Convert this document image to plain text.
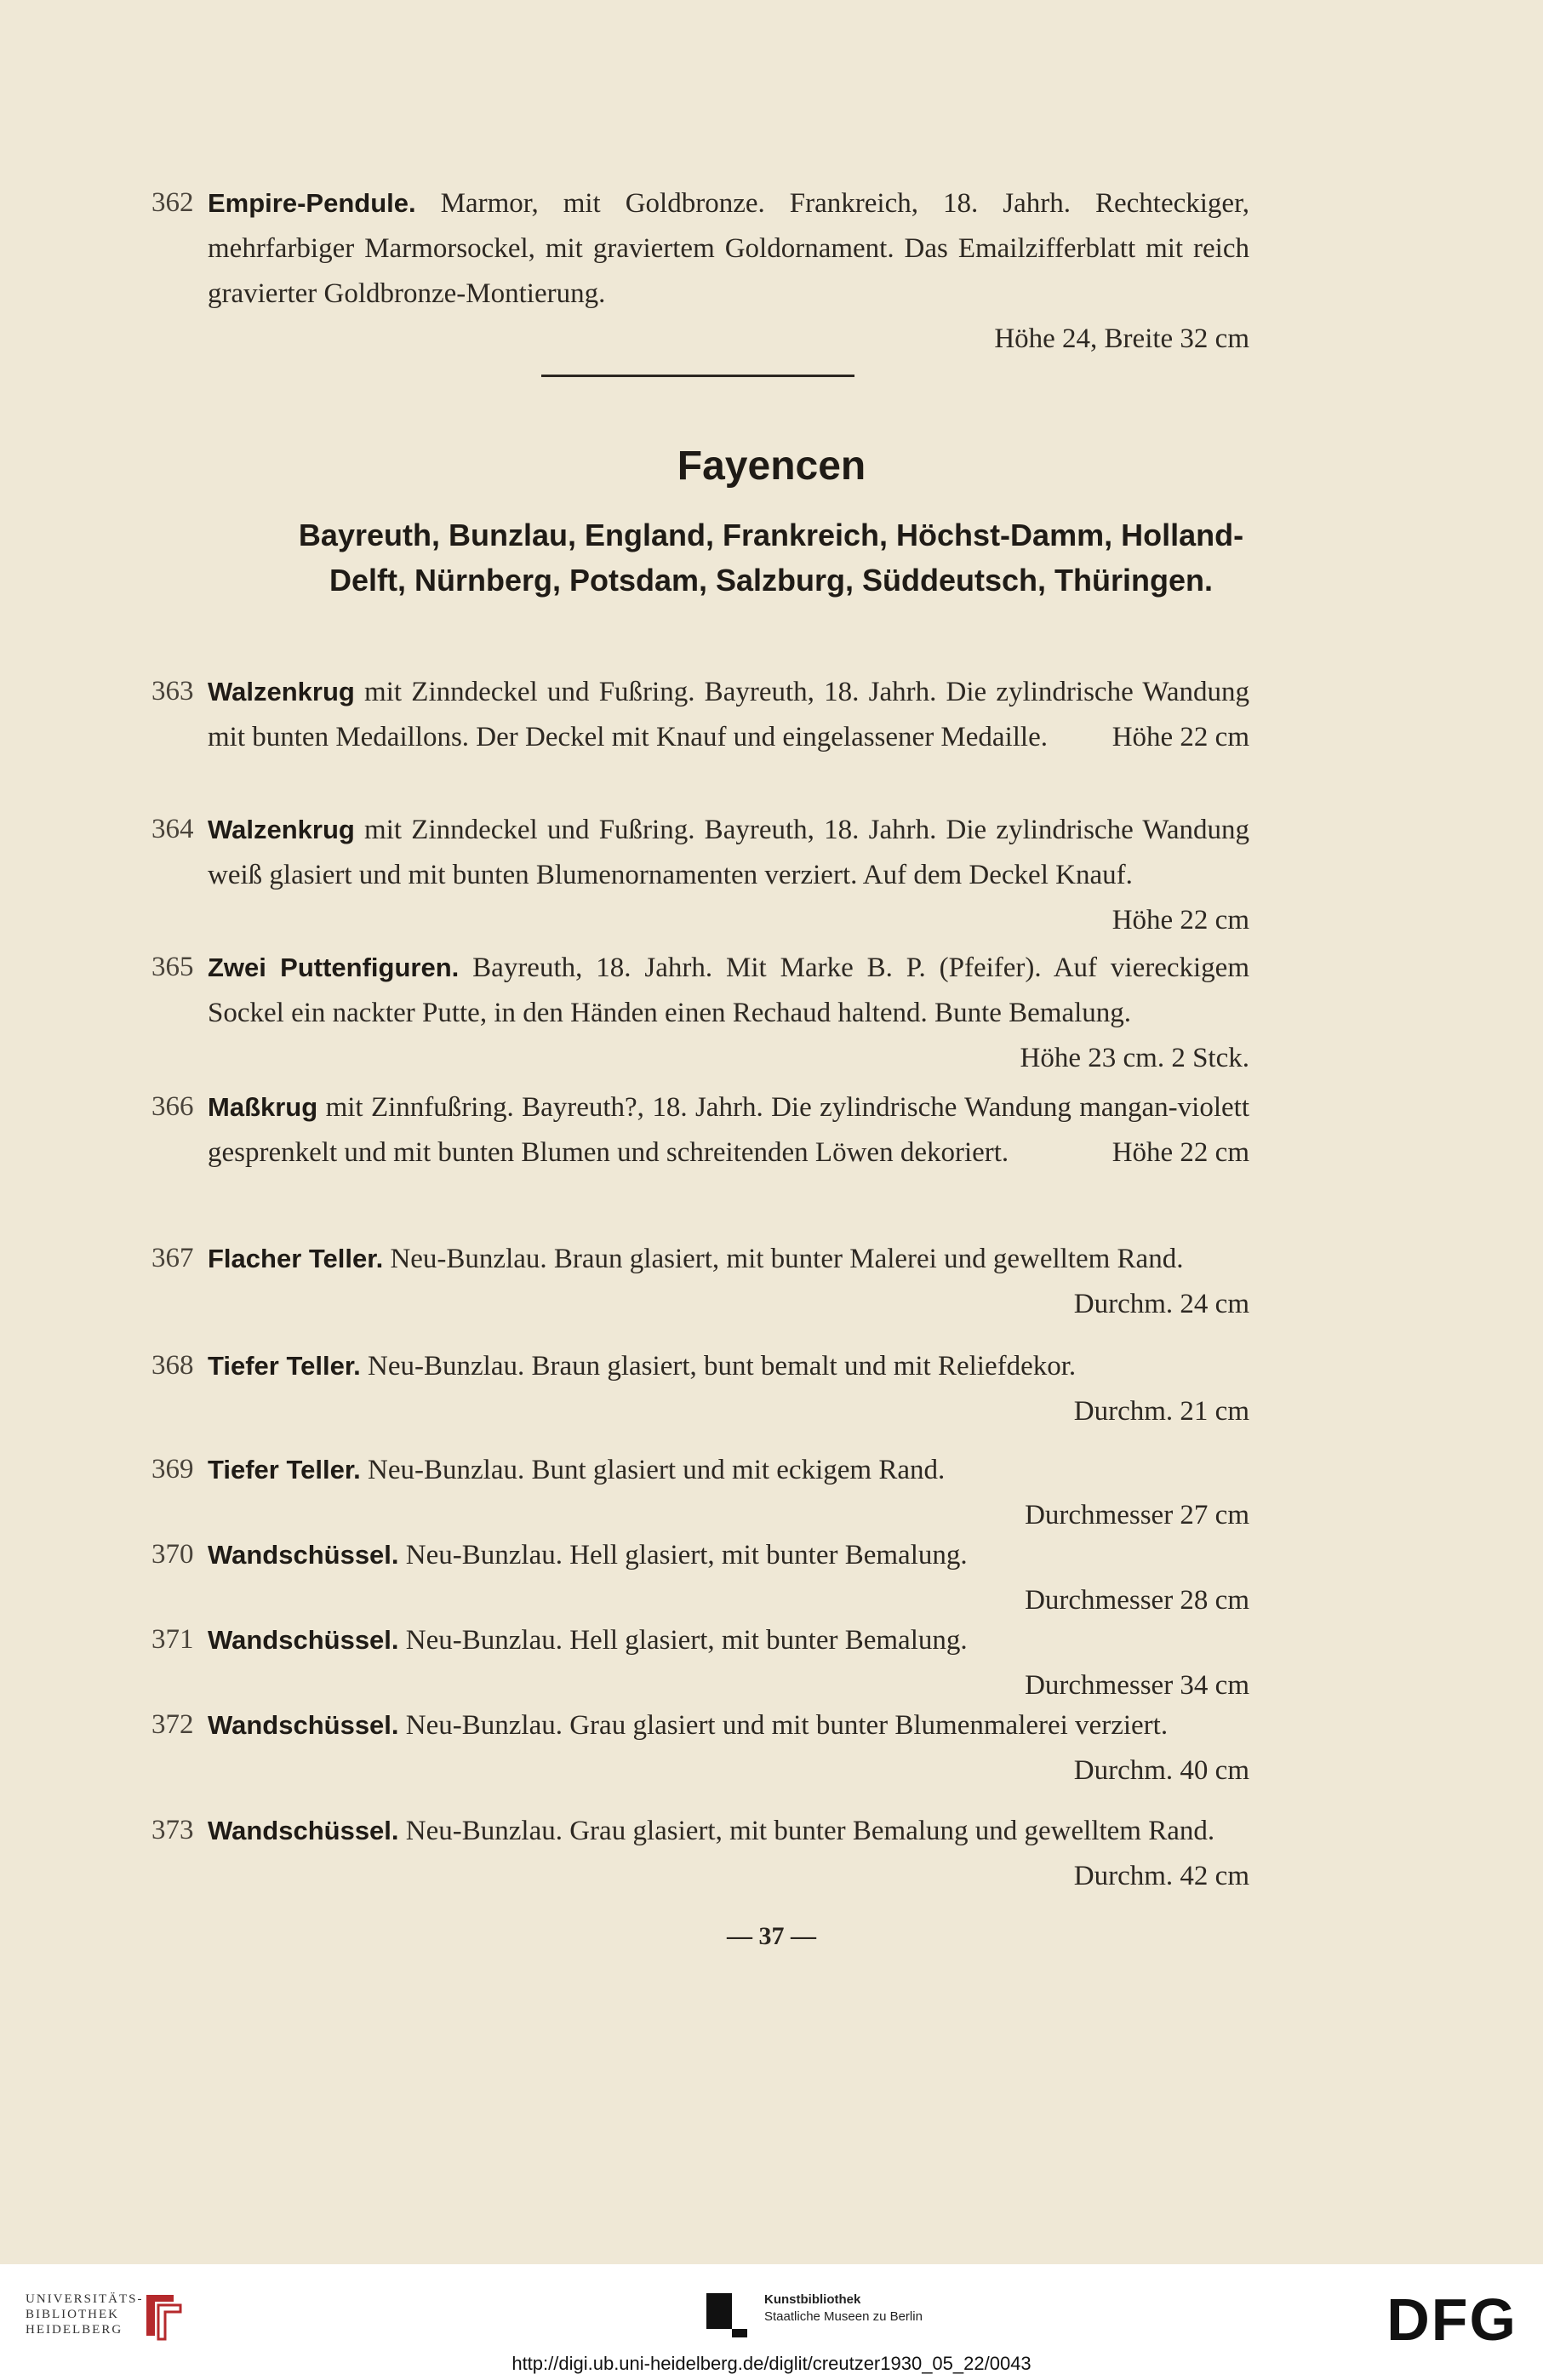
362 Empire-Pendule. Marmor, mit Goldbronze. Frankreich, 18. Jahrh. Rechteckiger, mehrfarbiger Marmorsockel, mit graviertem Goldornament. Das Emailzifferblatt mit reich gravierter Goldbronze-Montierung.
Höhe 24, Breite 32 cm
Fayencen
Bayreuth, Bunzlau, England, Frankreich, Höchst-Damm, Holland-Delft, Nürnberg, Potsdam, Salzburg, Süddeutsch, Thüringen.
363 Walzenkrug mit Zinndeckel und Fußring. Bayreuth, 18. Jahrh. Die zylindrische Wandung mit bunten Medaillons. Der Deckel mit Knauf und eingelassener Medaille. Höhe 22 cm
364 Walzenkrug mit Zinndeckel und Fußring. Bayreuth, 18. Jahrh. Die zylindrische Wandung weiß glasiert und mit bunten Blumenornamenten verziert. Auf dem Deckel Knauf.
Höhe 22 cm
365 Zwei Puttenfiguren. Bayreuth, 18. Jahrh. Mit Marke B. P. (Pfeifer). Auf viereckigem Sockel ein nackter Putte, in den Händen einen Rechaud haltend. Bunte Bemalung.
Höhe 23 cm. 2 Stck.
366 Maßkrug mit Zinnfußring. Bayreuth?, 18. Jahrh. Die zylindrische Wandung mangan-violett gesprenkelt und mit bunten Blumen und schreitenden Löwen dekoriert.	Höhe 22 cm
367 Flacher Teller. Neu-Bunzlau. Braun glasiert, mit bunter Malerei und gewelltem Rand.
Durchm. 24 cm
368 Tiefer Teller. Neu-Bunzlau. Braun glasiert, bunt bemalt und mit Reliefdekor.
Durchm. 21 cm
369 Tiefer Teller. Neu-Bunzlau. Bunt glasiert und mit eckigem Rand.
Durchmesser 27 cm
370 Wandschüssel. Neu-Bunzlau. Hell glasiert, mit bunter Bemalung.
Durchmesser 28 cm
371 Wandschüssel. Neu-Bunzlau. Hell glasiert, mit bunter Bemalung.
Durchmesser 34 cm
372 Wandschüssel. Neu-Bunzlau. Grau glasiert und mit bunter Blumenmalerei verziert.
Durchm. 40 cm
373 Wandschüssel. Neu-Bunzlau. Grau glasiert, mit bunter Bemalung und gewelltem Rand.
Durchm. 42 cm
— 37 —
UNIVERSITÄTS-BIBLIOTHEK HEIDELBERG
Kunstbibliothek
Staatliche Museen zu Berlin	DFG
http://digi.ub.uni-heidelberg.de/diglit/creutzer1930_05_22/0043
